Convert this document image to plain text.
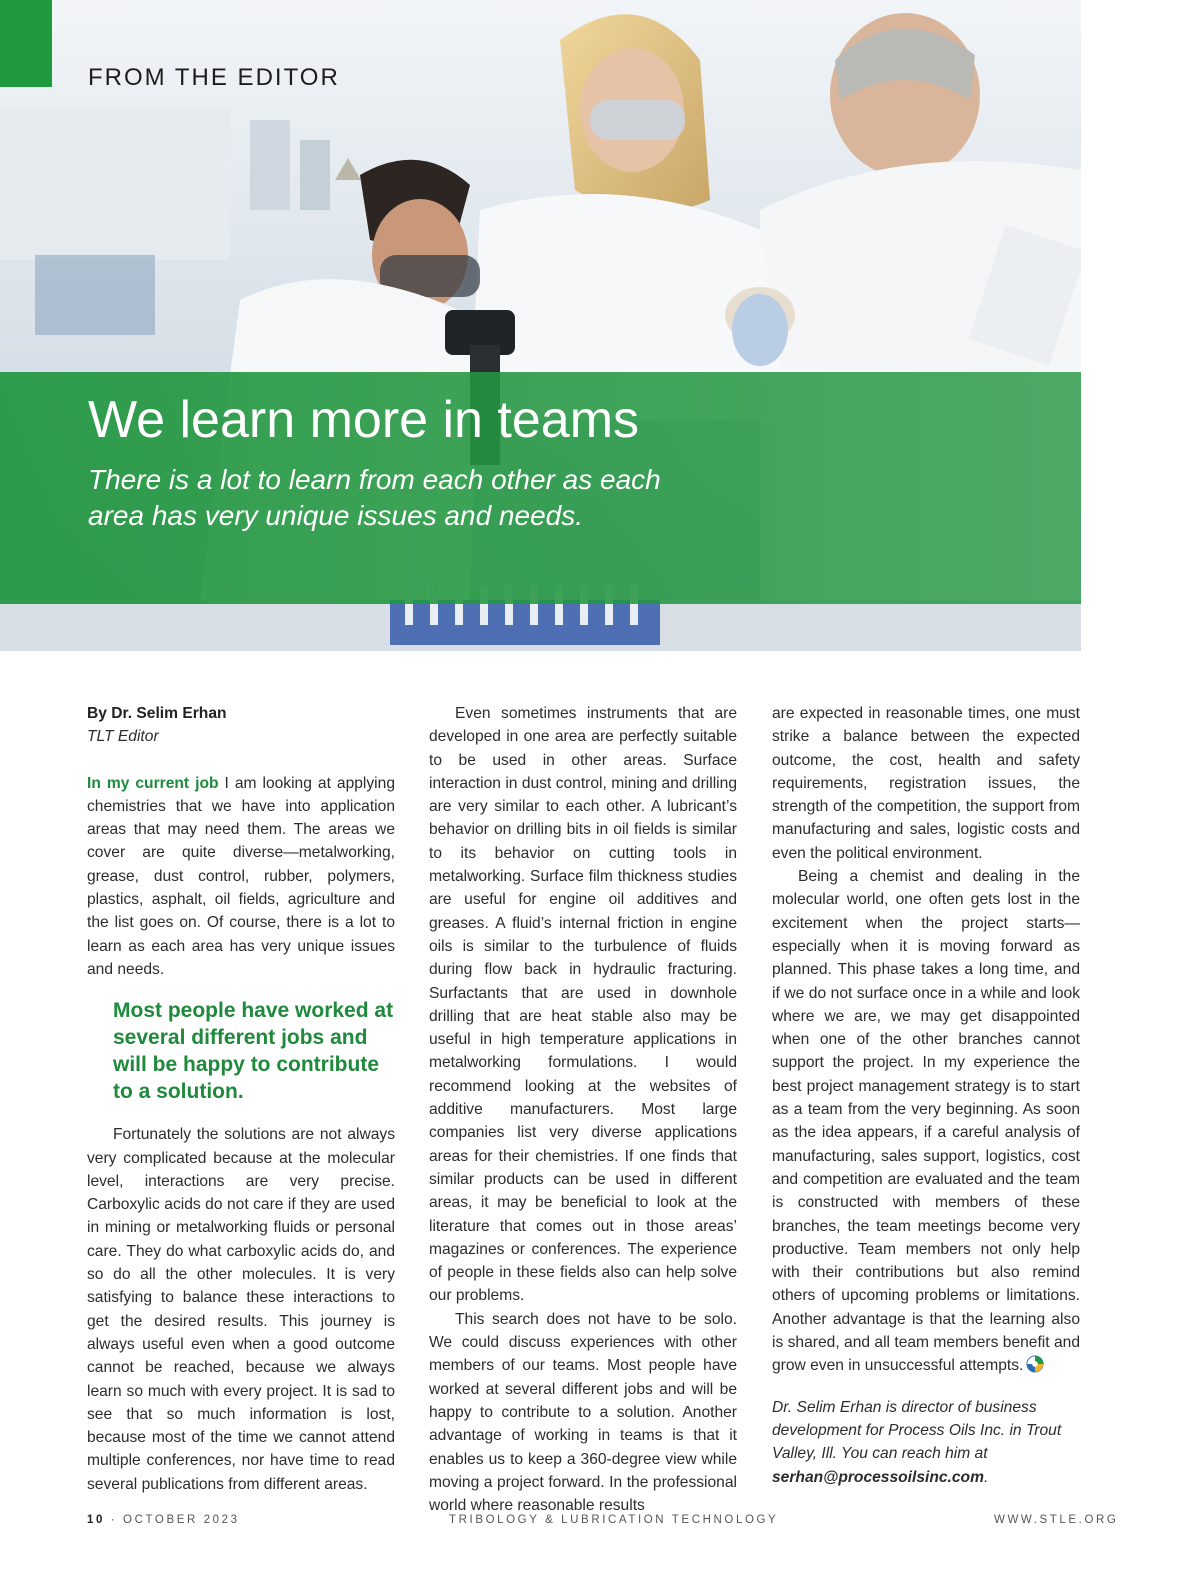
FROM THE EDITOR
We learn more in teams

There is a lot to learn from each other as each
area has very unique issues and needs.

By Dr. Selim Erhan

TLT Editor

In my current job I am looking at applying chemistries that we have into application areas that may need them. The areas we cover are quite diverse—metalworking, grease, dust control, rubber, polymers, plastics, asphalt, oil fields, agriculture and the list goes on. Of course, there is a lot to learn as each area has very unique issues and needs.

Most people have worked at several different jobs and will be happy to contribute to a solution.

Fortunately the solutions are not always very complicated because at the molecular level, interactions are very precise. Carboxylic acids do not care if they are used in mining or metalworking fluids or personal care. They do what carboxylic acids do, and so do all the other molecules. It is very satisfying to balance these interactions to get the desired results. This journey is always useful even when a good outcome cannot be reached, because we always learn so much with every project. It is sad to see that so much information is lost, because most of the time we cannot attend multiple conferences, nor have time to read several publications from different areas.

Even sometimes instruments that are developed in one area are perfectly suitable to be used in other areas. Surface interaction in dust control, mining and drilling are very similar to each other. A lubricant’s behavior on drilling bits in oil fields is similar to its behavior on cutting tools in metalworking. Surface film thickness studies are useful for engine oil additives and greases. A fluid’s internal friction in engine oils is similar to the turbulence of fluids during flow back in hydraulic fracturing. Surfactants that are used in downhole drilling that are heat stable also may be useful in high temperature applications in metalworking formulations. I would recommend looking at the websites of additive manufacturers. Most large companies list very diverse applications areas for their chemistries. If one finds that similar products can be used in different areas, it may be beneficial to look at the literature that comes out in those areas’ magazines or conferences. The experience of people in these fields also can help solve our problems.

This search does not have to be solo. We could discuss experiences with other members of our teams. Most people have worked at several different jobs and will be happy to contribute to a solution. Another advantage of working in teams is that it enables us to keep a 360-degree view while moving a project forward. In the professional world where reasonable results

are expected in reasonable times, one must strike a balance between the expected outcome, the cost, health and safety requirements, registration issues, the strength of the competition, the support from manufacturing and sales, logistic costs and even the political environment.

Being a chemist and dealing in the molecular world, one often gets lost in the excitement when the project starts—especially when it is moving forward as planned. This phase takes a long time, and if we do not surface once in a while and look where we are, we may get disappointed when one of the other branches cannot support the project. In my experience the best project management strategy is to start as a team from the very beginning. As soon as the idea appears, if a careful analysis of manufacturing, sales support, logistics, cost and competition are evaluated and the team is constructed with members of these branches, the team meetings become very productive. Team members not only help with their contributions but also remind others of upcoming problems or limitations. Another advantage is that the learning also is shared, and all team members benefit and grow even in unsuccessful attempts.

Dr. Selim Erhan is director of business development for Process Oils Inc. in Trout Valley, Ill. You can reach him at serhan@processoilsinc.com.

10 · OCTOBER 2023	TRIBOLOGY & LUBRICATION TECHNOLOGY	WWW.STLE.ORG
